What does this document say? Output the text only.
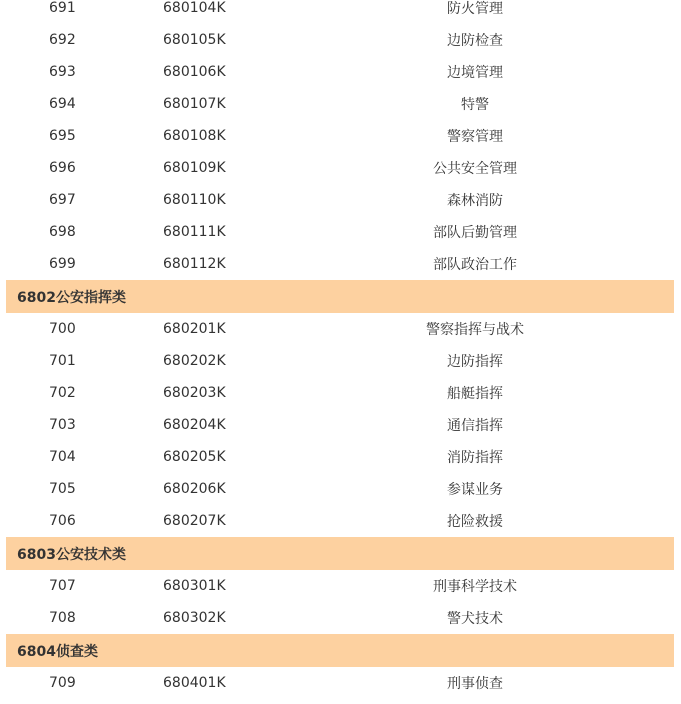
691	680104K	防火管理
692	680105K	边防检查
693	680106K	边境管理
694	680107K	特警
695	680108K	警察管理
696	680109K	公共安全管理
697	680110K	森林消防
698	680111K	部队后勤管理
699	680112K	部队政治工作
6802公安指挥类
700	680201K	警察指挥与战术
701	680202K	边防指挥
702	680203K	船艇指挥
703	680204K	通信指挥
704	680205K	消防指挥
705	680206K	参谋业务
706	680207K	抢险救援
6803公安技术类
707	680301K	刑事科学技术
708	680302K	警犬技术
6804侦查类
709	680401K	刑事侦查
